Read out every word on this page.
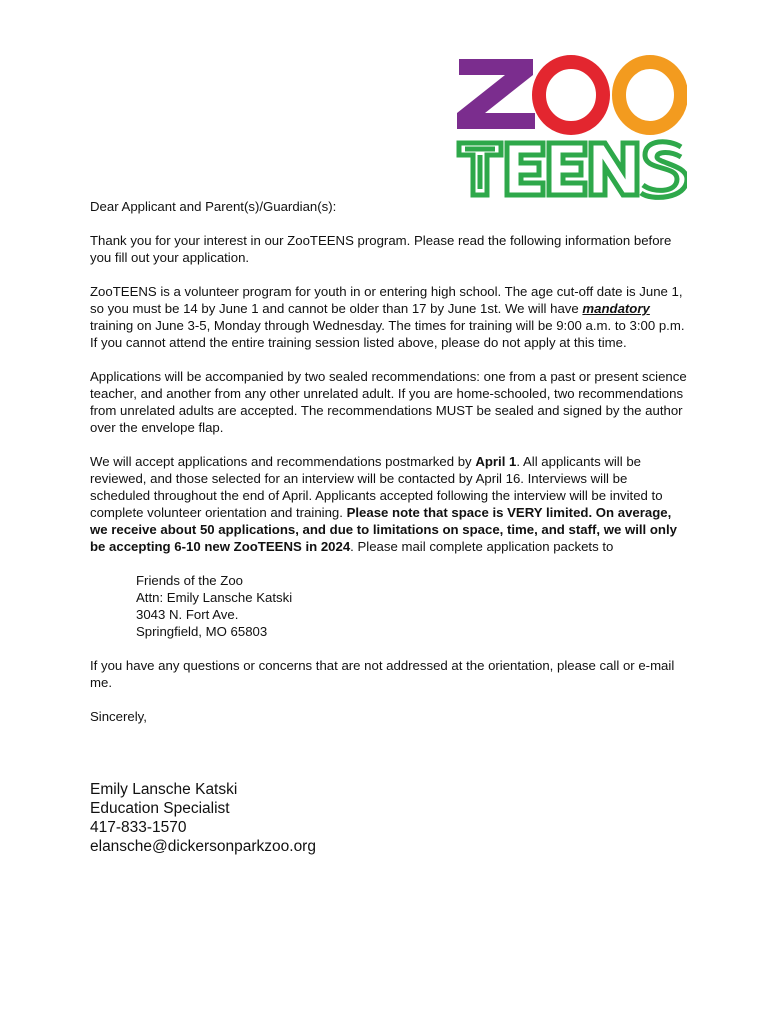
Dear Applicant and Parent(s)/Guardian(s):

Thank you for your interest in our ZooTEENS program. Please read the following information before you fill out your application.

ZooTEENS is a volunteer program for youth in or entering high school. The age cut-off date is June 1, so you must be 14 by June 1 and cannot be older than 17 by June 1st. We will have mandatory training on June 3-5, Monday through Wednesday. The times for training will be 9:00 a.m. to 3:00 p.m. If you cannot attend the entire training session listed above, please do not apply at this time.

Applications will be accompanied by two sealed recommendations: one from a past or present science teacher, and another from any other unrelated adult. If you are home-schooled, two recommendations from unrelated adults are accepted. The recommendations MUST be sealed and signed by the author over the envelope flap.

We will accept applications and recommendations postmarked by April 1. All applicants will be reviewed, and those selected for an interview will be contacted by April 16. Interviews will be scheduled throughout the end of April. Applicants accepted following the interview will be invited to complete volunteer orientation and training. Please note that space is VERY limited. On average, we receive about 50 applications, and due to limitations on space, time, and staff, we will only be accepting 6-10 new ZooTEENS in 2024. Please mail complete application packets to

Friends of the Zoo
Attn: Emily Lansche Katski
3043 N. Fort Ave.
Springfield, MO 65803

If you have any questions or concerns that are not addressed at the orientation, please call or e-mail me.

Sincerely,

Emily Lansche Katski
Education Specialist
417-833-1570
elansche@dickersonparkzoo.org
